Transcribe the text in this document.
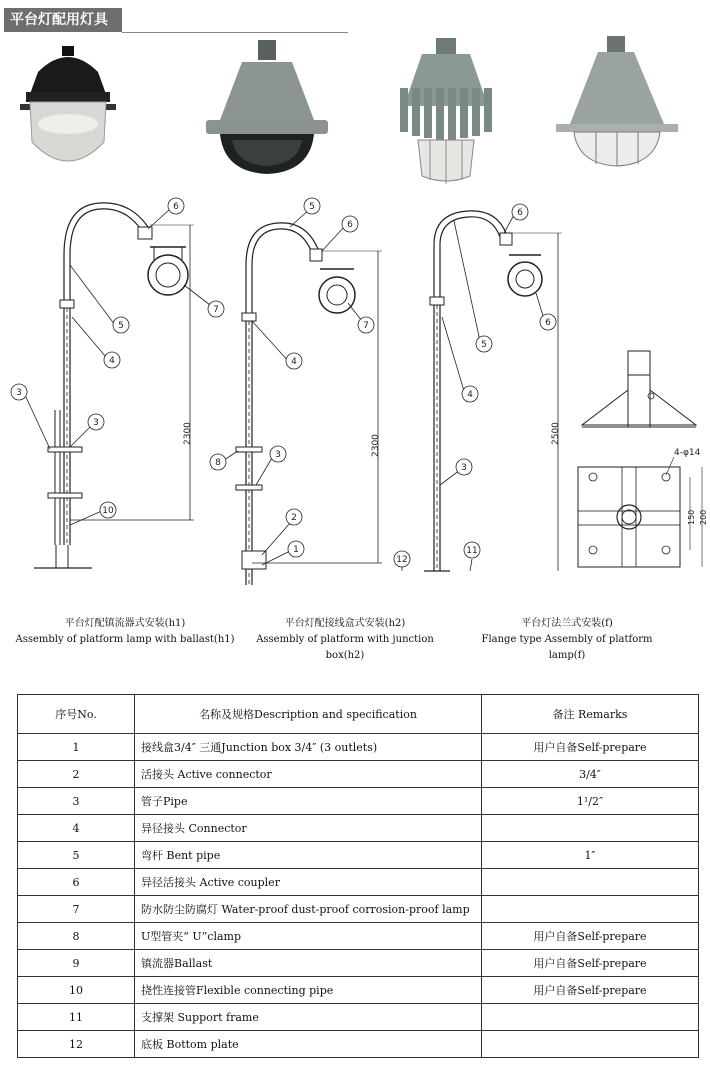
平台灯配用灯具
2300
2300
2500
4-φ14
150 200
3
3
10
4
5
6
7
8
3
2
1
4
5
6
7
12
11
3
4
5
6
6
平台灯配镇流器式安装(h1)
Assembly of platform lamp with ballast(h1)
平台灯配接线盒式安装(h2)
Assembly of platform with junction box(h2)
平台灯法兰式安装(f)
Flange type Assembly of platform lamp(f)
序号No.	名称及规格Description and specification	备注 Remarks
1	接线盒3/4″ 三通Junction box 3/4″ (3 outlets)	用户自备Self-prepare
2	活接头 Active connector	3/4″
3	管子Pipe	1¹/2″
4	异径接头 Connector	
5	弯杆 Bent pipe	1″
6	异径活接头 Active coupler	
7	防水防尘防腐灯 Water-proof dust-proof corrosion-proof lamp	
8	U型管夹“ U”clamp	用户自备Self-prepare
9	镇流器Ballast	用户自备Self-prepare
10	挠性连接管Flexible connecting pipe	用户自备Self-prepare
11	支撑架 Support frame	
12	底板 Bottom plate	
